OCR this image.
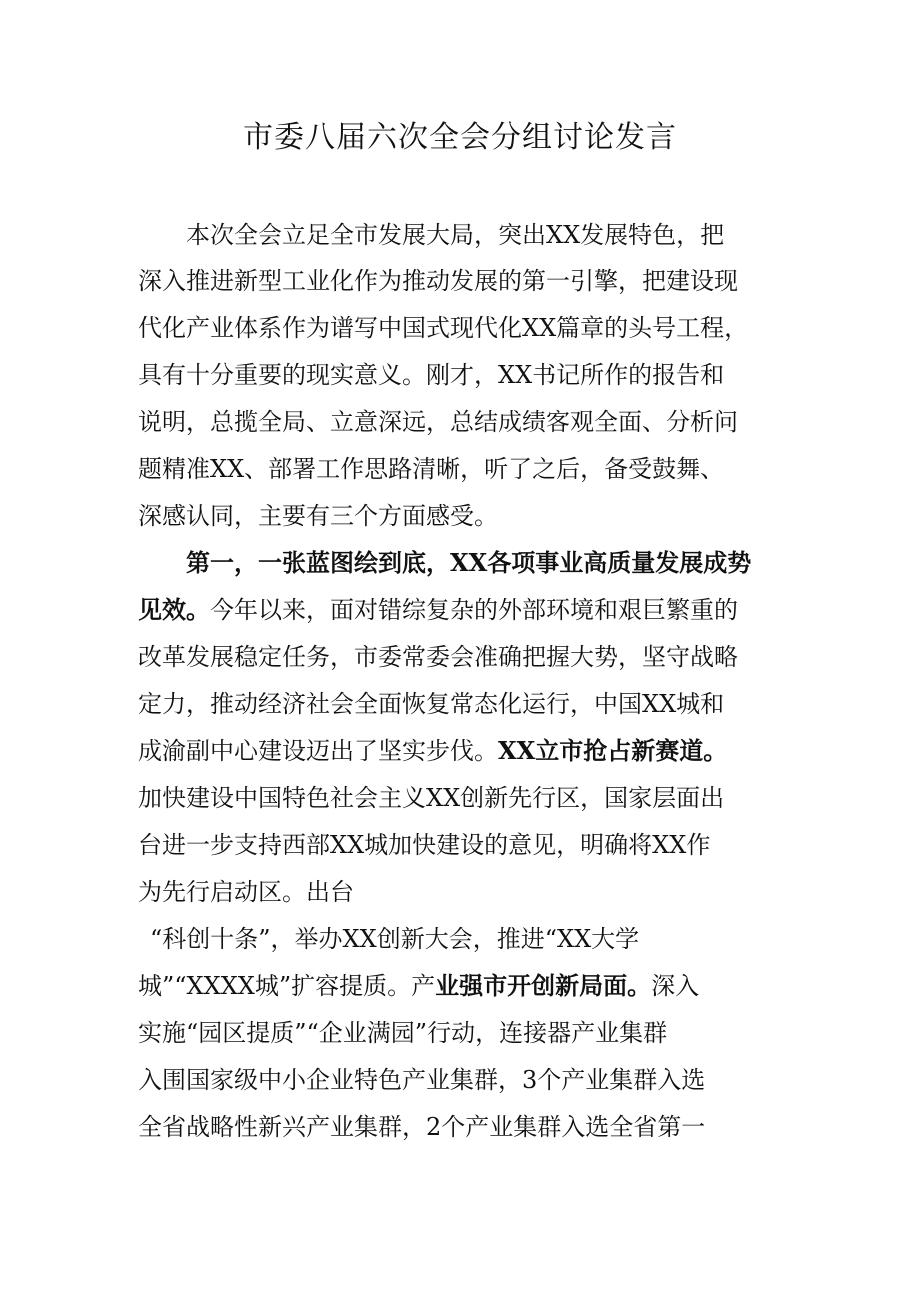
市委八届六次全会分组讨论发言

本次全会立足全市发展大局，突出XX发展特色，把

深入推进新型工业化作为推动发展的第一引擎，把建设现

代化产业体系作为谱写中国式现代化XX篇章的头号工程，

具有十分重要的现实意义。刚才，XX书记所作的报告和

说明，总揽全局、立意深远，总结成绩客观全面、分析问

题精准XX、部署工作思路清晰，听了之后，备受鼓舞、

深感认同，主要有三个方面感受。

第一，一张蓝图绘到底，XX各项事业高质量发展成势

见效。今年以来，面对错综复杂的外部环境和艰巨繁重的

改革发展稳定任务，市委常委会准确把握大势，坚守战略

定力，推动经济社会全面恢复常态化运行，中国XX城和

成渝副中心建设迈出了坚实步伐。XX立市抢占新赛道。

加快建设中国特色社会主义XX创新先行区，国家层面出

台进一步支持西部XX城加快建设的意见，明确将XX作

为先行启动区。出台

“科创十条”，举办XX创新大会，推进“XX大学

城”“XXXX城”扩容提质。产业强市开创新局面。深入

实施“园区提质”“企业满园”行动，连接器产业集群

入围国家级中小企业特色产业集群，3个产业集群入选

全省战略性新兴产业集群，2个产业集群入选全省第一
